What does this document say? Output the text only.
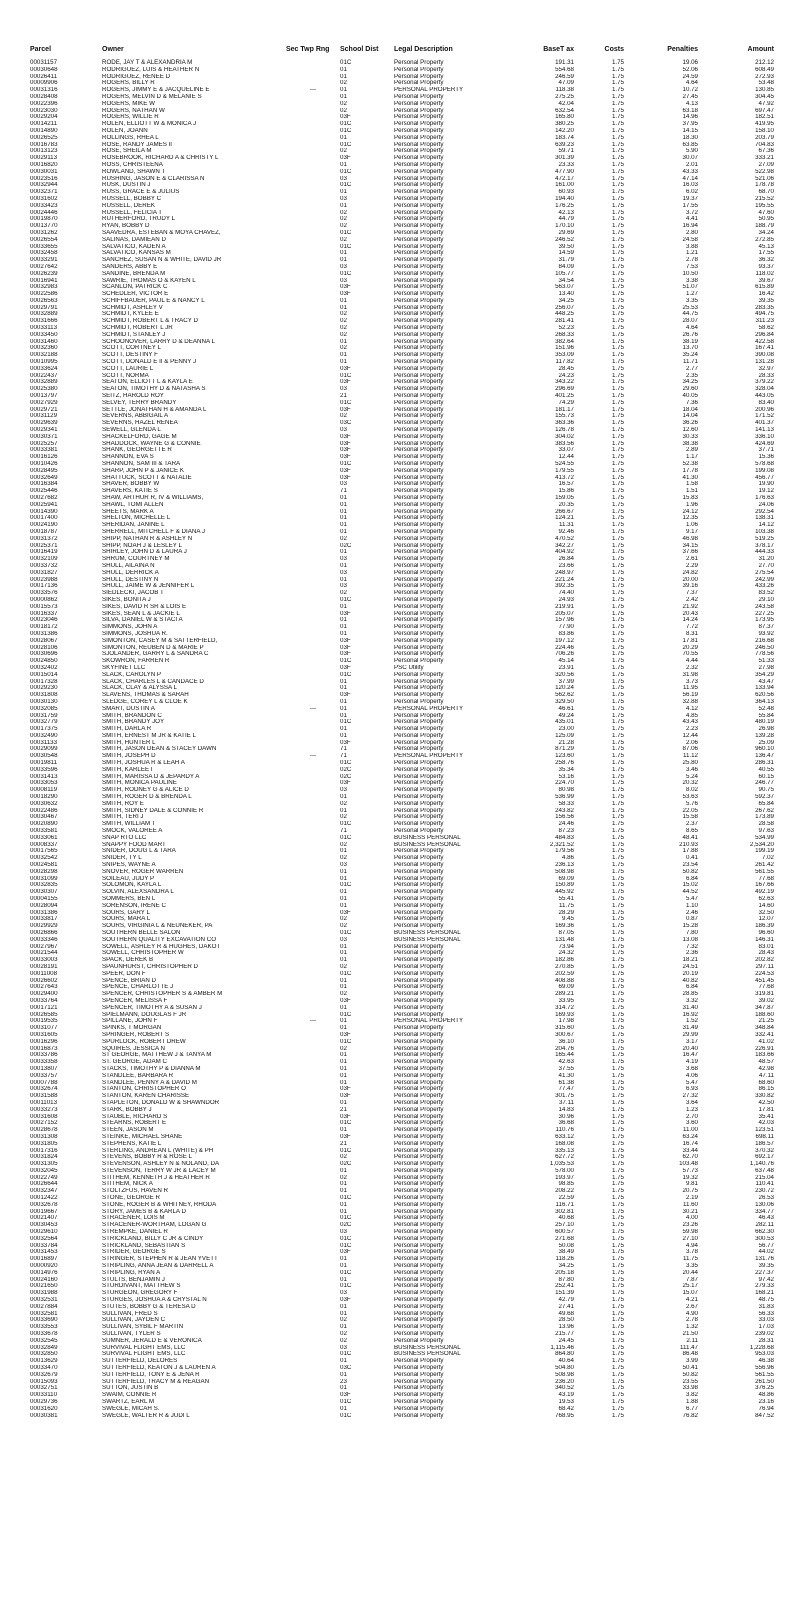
Parcel	Owner	Sec Twp Rng	School Dist	Legal Description	BaseT ax	Costs	Penalties	Amount
00031157	RODE, JAY T & ALEXANDRIA M		01C	Personal Property	191.31	1.75	19.06	212.12
00030648	RODRIGUEZ, LUIS & HEATHER N		01	Personal Property	554.68	1.75	52.06	608.49
00026411	RODRIGUEZ, RENEE D		01	Personal Property	246.59	1.75	24.59	272.93
00009906	ROGERS, BILLY R		02	Personal Property	47.09	1.75	4.64	53.48
00031316	ROGERS, JIMMY E & JACQUELINE E	---	01	PERSONAL PROPERTY	118.38	1.75	10.72	130.85
00028408	ROGERS, MELVIN D & MELANIE S		01	Personal Property	275.25	1.75	27.45	304.45
00022396	ROGERS, MIKE W		02	Personal Property	42.04	1.75	4.13	47.92
00023030	ROGERS, NATHAN W		02	Personal Property	632.54	1.75	63.18	697.47
00029204	ROGERS, WILLIE R		03F	Personal Property	165.80	1.75	14.96	182.51
00014211	ROLEN, ELLIOTT W & MONICA J		01C	Personal Property	380.25	1.75	37.95	419.95
00014890	ROLEN, JOANN		01C	Personal Property	142.20	1.75	14.15	158.10
00026525	ROLLINGS, RHEA L		01	Personal Property	183.74	1.75	18.30	203.79
00016783	ROSE, RANDY JAMES II		01C	Personal Property	639.23	1.75	63.85	704.83
00013123	ROSE, SHEILA M		02	Personal Property	59.71	1.75	5.90	67.36
00029113	ROSEBROOK, RICHARD A & CHRISTY L		03F	Personal Property	301.39	1.75	30.07	333.21
00016820	ROSS, CHRISTEENA		01	Personal Property	23.33	1.75	2.01	27.09
00030031	ROWLAND, SHAWN T		01C	Personal Property	477.90	1.75	43.33	522.98
00023516	RUSHING, JASON E & CLARISSA N		03	Personal Property	472.17	1.75	47.14	521.06
00032944	RUSK, DUSTIN J		01C	Personal Property	161.00	1.75	16.03	178.78
00032371	RUSS, GRACE E & JULIUS		01	Personal Property	60.93	1.75	6.02	68.70
00031602	RUSSELL, BOBBY C		03	Personal Property	194.40	1.75	19.37	215.52
00033423	RUSSELL, DEREK		01	Personal Property	176.25	1.75	17.55	195.55
00024446	RUSSELL, FELICIA T		02	Personal Property	42.13	1.75	3.72	47.60
00019870	RUTHERFORD, TRUDY L		02	Personal Property	44.79	1.75	4.41	50.95
00013770	RYAN, BOBBY D		02	Personal Property	170.10	1.75	16.94	188.79
00031262	SAAVEDRA, ESTEBAN & MOYA CHAVEZ,		01C	Personal Property	29.69	1.75	2.80	34.24
00026554	SALINAS, DAMIEAN D		02	Personal Property	246.52	1.75	24.58	272.85
00033655	SALVATICO, KADEN A		01C	Personal Property	39.50	1.75	3.88	45.13
00032458	SALVATICO, KANSAS M		01	Personal Property	14.59	1.75	1.21	17.55
00033291	SANCHEZ, SUSAN N & WHITE, DAVID JR		01	Personal Property	31.79	1.75	2.78	36.32
00027642	SANDERS, ABBY E		03	Personal Property	84.09	1.75	7.53	93.37
00026239	SANDINE, BRENDA M		01C	Personal Property	105.77	1.75	10.50	118.02
00016941	SAWRIE, THOMAS O & KAYEN L		03	Personal Property	34.54	1.75	3.38	39.67
00032983	SCANLON, PATRICK C		03F	Personal Property	563.07	1.75	51.07	615.89
00022586	SCHEDLER, VICTOR E		03F	Personal Property	13.40	1.75	1.27	16.42
00026563	SCHIFFBAUER, PAUL E & NANCY L		01	Personal Property	34.25	1.75	3.35	39.35
00029791	SCHMIDT, ASHLEY V		01	Personal Property	256.07	1.75	25.53	283.35
00032889	SCHMIDT, KYLEE E		02	Personal Property	448.25	1.75	44.75	494.75
00031666	SCHMIDT, ROBERT L & TRACY D		02	Personal Property	281.41	1.75	28.07	311.23
00033113	SCHMIDT, ROBERT L JR		02	Personal Property	52.23	1.75	4.64	58.62
00033450	SCHMIDT, STANLEY J		02	Personal Property	268.33	1.75	26.76	296.84
00031460	SCHOONOVER, LARRY D & DEANNA L		01	Personal Property	382.64	1.75	38.19	422.58
00032360	SCOTT, CORTNEY L		02	Personal Property	151.96	1.75	13.70	167.41
00032188	SCOTT, DESTINY F		01	Personal Property	353.09	1.75	35.24	390.08
00010995	SCOTT, DONALD E II & PENNY J		01	Personal Property	117.82	1.75	11.71	131.28
00033624	SCOTT, LAURIE L		03F	Personal Property	28.45	1.75	2.77	32.97
00022437	SCOTT, NORMA		01C	Personal Property	24.23	1.75	2.35	28.33
00032889	SEATON, ELLIOTT L & KAYLA E		03F	Personal Property	343.22	1.75	34.25	379.22
00025380	SEATON, TIMOTHY D & NATASHA S		03	Personal Property	296.69	1.75	29.60	328.04
00013797	SEITZ, HAROLD ROY		21	Personal Property	401.25	1.75	40.05	443.05
00027929	SELVEY, TERRY BRANDY		01C	Personal Property	74.29	1.75	7.36	83.40
00029721	SETTLE, JONATHAN H & AMANDA L		03F	Personal Property	181.17	1.75	18.04	200.96
00031129	SEVERNS, ABBIGAIL A		02	Personal Property	155.73	1.75	14.04	171.52
00029639	SEVERNS, HAZEL RENEA		03C	Personal Property	363.36	1.75	36.26	401.37
00029341	SEWELL, GLENDA L		03	Personal Property	126.78	1.75	12.60	141.13
00030371	SHACKELFORD, GAGE M		03F	Personal Property	304.02	1.75	30.33	336.10
00025257	SHADDOCK, WAYNE G & CONNIE		03F	Personal Property	383.56	1.75	38.38	424.69
00033381	SHANK, GEORGETTE R		03F	Personal Property	33.07	1.75	2.89	37.71
00016126	SHANNON, EVA S		03F	Personal Property	12.44	1.75	1.17	15.36
00010426	SHANNON, SAM III & TARA		01C	Personal Property	524.55	1.75	52.38	578.68
00028495	SHARP, JOHN P & JANICE K		03F	Personal Property	179.55	1.75	17.78	199.08
00032649	SHATTUCK, SCOTT & NATALIE		03F	Personal Property	413.72	1.75	41.30	456.77
00016384	SHAVER, BOBBY W		03	Personal Property	16.57	1.75	1.58	19.90
00025446	SHAVERS, KATIE S		71	Personal Property	15.86	1.75	1.51	19.12
00027682	SHAW, ARTHUR R, IV & WILLIAMS,		01	Personal Property	159.05	1.75	15.83	176.63
00025941	SHAWL, TOMI ALLEN		01	Personal Property	20.35	1.75	1.96	24.06
00014390	SHEETS, MARK A		01	Personal Property	266.67	1.75	24.12	292.54
00017400	SHELTON, MICHELLE L		01	Personal Property	124.21	1.75	12.35	138.31
00024190	SHERIDAN, JANINE L		01	Personal Property	11.31	1.75	1.06	14.12
00018787	SHERRELL, MITCHELL F & DIANA J		01	Personal Property	92.46	1.75	9.17	103.38
00031372	SHIPP, NATHAN R & ASHLEY N		02	Personal Property	470.52	1.75	46.98	519.25
00025371	SHIPP, NOAH J & LESLEY L		02C	Personal Property	342.27	1.75	34.15	378.17
00016419	SHIRLEY, JOHN D & LAURA J		01	Personal Property	404.92	1.75	37.66	444.33
00032109	SHRUM, COURTNEY M		03	Personal Property	26.84	1.75	2.61	31.20
00033732	SHULL, AILAINA N		01	Personal Property	23.66	1.75	2.29	27.70
00031827	SHULL, DERRICK A		03	Personal Property	248.97	1.75	24.82	275.54
00023988	SHULL, DESTINY N		01	Personal Property	221.24	1.75	20.00	242.99
00017136	SHULL, JAIME W & JENNIFER L		03	Personal Property	392.35	1.75	39.16	433.26
00033576	SIEDLECKI, JACOB T		02	Personal Property	74.40	1.75	7.37	83.52
00000862	SIKES, BONITA J		01C	Personal Property	24.93	1.75	2.42	29.10
00015573	SIKES, DAVID R SR & LOIS E		01	Personal Property	219.91	1.75	21.92	243.58
00016337	SIKES, SEAN L & JACKIE L		03F	Personal Property	205.07	1.75	20.43	227.25
00023046	SILVA, DANIEL W & STACI A		01	Personal Property	157.96	1.75	14.24	173.95
00018172	SIMMONS, JOHN A		01	Personal Property	77.90	1.75	7.72	87.37
00031386	SIMMONS, JOSHUA R.		01	Personal Property	83.86	1.75	8.31	93.92
00028067	SIMONTON, CASEY M & SATTERFIELD,		03F	Personal Property	197.12	1.75	17.81	216.68
00028106	SIMONTON, REUBEN D & MARIE P		03F	Personal Property	224.46	1.75	20.29	246.50
00030696	SJOLANDER, GARRY L & SANDRA C		03F	Personal Property	706.26	1.75	70.55	778.56
00024850	SKOWRON, FARREN R		01C	Personal Property	45.14	1.75	4.44	51.33
00032402	SKYFINET LLC		03F	PSC Utility	23.91	1.75	2.32	27.98
00015014	SLACK, CAROLYN P		01C	Personal Property	320.56	1.75	31.98	354.29
00017328	SLACK, CHARLES L & CANDACE D		01	Personal Property	37.99	1.75	3.73	43.47
00029230	SLACK, CLAY & ALYSSA L		01	Personal Property	120.24	1.75	11.95	133.94
00031808	SLAVENS, THOMAS & SARAH		03F	Personal Property	562.62	1.75	56.19	620.56
00030130	SLEDGE, COREY L & CLOE K		01	Personal Property	329.50	1.75	32.88	364.13
00032085	SMART, DUSTIN A	---	01	PERSONAL PROPERTY	46.61	1.75	4.12	52.48
00031759	SMITH, BRANDON C		01	Personal Property	49.24	1.75	4.85	55.84
00032779	SMITH, BRANDY JOY		01C	Personal Property	435.01	1.75	43.43	480.19
00017375	SMITH, DARLA R		01	Personal Property	23.00	1.75	2.23	26.98
00032490	SMITH, ERNEST M JR & KATIE L		01	Personal Property	125.09	1.75	12.44	139.28
00031133	SMITH, HUNTER L		03F	Personal Property	21.28	1.75	2.06	25.09
00029099	SMITH, JASON DEAN & STACEY DAWN		71	Personal Property	871.29	1.75	87.06	960.10
00030548	SMITH, JOSEPH D	---	71	PERSONAL PROPERTY	123.60	1.75	11.12	136.47
00019811	SMITH, JOSHUA R & LEAH A		01C	Personal Property	258.76	1.75	25.80	286.31
00033596	SMITH, KARLEE I		02C	Personal Property	35.34	1.75	3.46	40.55
00031413	SMITH, MARISSA D & JEPARDY A		02C	Personal Property	53.16	1.75	5.24	60.15
00033053	SMITH, MONICA PAULINE		03F	Personal Property	224.70	1.75	20.32	246.77
00008119	SMITH, RODNEY G & ALICE D		03	Personal Property	80.98	1.75	8.02	90.75
00018290	SMITH, ROGER D & BRENDA L		01	Personal Property	536.99	1.75	53.63	592.37
00030632	SMITH, ROY E		02	Personal Property	58.33	1.75	5.76	65.84
00022486	SMITH, SIDNEY DALE & CONNIE R		01	Personal Property	243.82	1.75	22.05	267.62
00030467	SMITH, TERI J		02	Personal Property	156.56	1.75	15.58	173.89
00020890	SMITH, WILLIAM T		01C	Personal Property	24.46	1.75	2.37	28.58
00033581	SMOCK, VALOREE A		71	Personal Property	87.23	1.75	8.65	97.63
00033061	SNAP RTO LLC		01C	BUSINESS PERSONAL	484.83	1.75	48.41	534.99
00008337	SNAPPY FOOD MART		02	BUSINESS PERSONAL	2,321.52	1.75	210.93	2,534.20
00017565	SNIDER, DOUG L & TARA		01	Personal Property	179.56	1.75	17.88	199.19
00032542	SNIDER, TY L		02	Personal Property	4.86	1.75	0.41	7.02
00024581	SNIPES, WAYNE A		03	Personal Property	236.13	1.75	23.54	261.42
00028298	SNOVER, ROGER WARREN		01	Personal Property	508.98	1.75	50.82	561.55
00031099	SOILEAU, JUDY P		01	Personal Property	69.09	1.75	6.84	77.68
00032835	SOLOMON, KAYLA L		01C	Personal Property	150.89	1.75	15.02	167.66
00030307	SOLVIN, ALEXSANDRA L		01	Personal Property	445.92	1.75	44.52	492.19
00004155	SOMMERS, BEN L		01	Personal Property	55.41	1.75	5.47	62.63
00028094	SORENSON, IRENE C		01	Personal Property	11.75	1.75	1.10	14.60
00031386	SOURS, GARY L		03F	Personal Property	28.29	1.75	2.46	32.50
00033817	SOURS, MARA L		02	Personal Property	9.45	1.75	0.87	12.07
00029929	SOURS, VIRGINIA L & NEUNEKER, PA		02	Personal Property	169.36	1.75	15.28	186.39
00026866	SOUTHERN BELLE SALON		01C	BUSINESS PERSONAL	87.05	1.75	7.80	96.60
00033346	SOUTHERN QUALITY EXCAVATION CO		03	BUSINESS PERSONAL	131.48	1.75	13.08	146.31
00027967	SOWELL, ASHLEY R & HUGHES, DAKOT		01	Personal Property	73.94	1.75	7.32	83.01
00021544	SOWELL, CHRISTOPHER W		01	Personal Property	24.32	1.75	2.36	28.43
00033003	SPACK, DEREK B		01	Personal Property	182.86	1.75	18.21	202.82
00028191	SPAUNHURST, CHRISTOPHER D		02	Personal Property	270.85	1.75	24.51	297.11
00011008	SPEER, DON F		01C	Personal Property	202.59	1.75	20.19	224.53
00026602	SPENCE, BRIAN D		01	Personal Property	408.88	1.75	40.82	451.45
00027643	SPENCE, CHARLOTTE J		01	Personal Property	69.09	1.75	6.84	77.68
00029400	SPENCER, CHRISTOPHER S & AMBER M		02	Personal Property	289.21	1.75	28.85	319.81
00033764	SPENCER, MELISSA F		03F	Personal Property	33.95	1.75	3.32	39.02
00017121	SPENCER, TIMOTHY A & SUSAN J		01	Personal Property	314.72	1.75	31.40	347.87
00026585	SPIELMANN, DOUGLAS F JR		01C	Personal Property	169.93	1.75	16.92	188.60
00019535	SPILLANE, JOHN F	---	01	PERSONAL PROPERTY	17.98	1.75	1.52	21.25
00031077	SPINKS, T MORGAN		01	Personal Property	315.60	1.75	31.49	348.84
00031605	SPRINGER, ROBERT S		03F	Personal Property	300.67	1.75	29.99	332.41
00016296	SPURLOCK, ROBERT DREW		01C	Personal Property	36.10	1.75	3.17	41.02
00016873	SQUIRES, JESSICA N		02	Personal Property	204.76	1.75	20.40	226.91
00033786	ST GEORGE, MATTHEW J & TANYA M		01	Personal Property	165.44	1.75	16.47	183.66
00033358	ST. GEORGE, ADAM C		01	Personal Property	42.63	1.75	4.19	48.57
00013807	STACKS, TIMOTHY P & DIANNA M		01	Personal Property	37.55	1.75	3.68	42.98
00033757	STANDLEE, BARBARA R		01	Personal Property	41.30	1.75	4.06	47.11
00007788	STANDLEE, PENNY A & DAVID M		01	Personal Property	61.38	1.75	5.47	68.60
00032674	STANTON, CHRISTOPHER O		03F	Personal Property	77.47	1.75	6.93	86.15
00031588	STANTON, KAREN CHARISSE		03F	Personal Property	301.75	1.75	27.32	330.82
00011013	STAPLETON, DONALD W & SHAWNDOR		01	Personal Property	37.11	1.75	3.64	42.50
00033273	STARK, BOBBY J		21	Personal Property	14.83	1.75	1.23	17.81
00031608	STAUBLE, RICHARD S		03F	Personal Property	30.96	1.75	2.70	35.41
00027152	STEARNS, ROBERT E		01C	Personal Property	36.68	1.75	3.60	42.03
00028678	STEEN, JASON M		01	Personal Property	110.76	1.75	11.00	123.51
00031308	STEINKE, MICHAEL SHANE		03F	Personal Property	633.12	1.75	63.24	698.11
00031805	STEPHENS, KATIE L		21	Personal Property	168.08	1.75	16.74	186.57
00017316	STERLING, ANDREAN L (WHITE) & PH		01C	Personal Property	335.13	1.75	33.44	370.32
00031824	STEVENS, BOBBY R & ROSE L		02	Personal Property	627.72	1.75	62.70	692.17
00031305	STEVENSON, ASHLEY N & NOLAND, DA		02C	Personal Property	1,035.53	1.75	103.48	1,140.76
00032045	STEVENSON, TERRY W JR & LACEY M		01	Personal Property	578.00	1.75	57.73	637.48
00022749	STITHEM, KENNETH J & HEATHER R		02	Personal Property	193.97	1.75	19.32	215.04
00026644	STITHEM, NICK A		01	Personal Property	98.85	1.75	9.81	110.41
00032347	STOLTZFUS, HAVEN R		01	Personal Property	208.22	1.75	20.75	230.72
00012422	STONE, GEORGE R		01C	Personal Property	22.59	1.75	2.19	26.53
00032678	STONE, ROGER B & WHITNEY, RHODA		01	Personal Property	116.71	1.75	11.60	130.06
00019667	STORY, JAMES B & KARLA D		01	Personal Property	302.81	1.75	30.21	334.77
00021407	STRACENER, LOIS M		01C	Personal Property	40.68	1.75	4.00	46.43
00030453	STRACENER-WORTHAM, LOGAN G		02C	Personal Property	257.10	1.75	23.26	282.11
00029610	STREMPKE, DANIEL R		03	Personal Property	600.57	1.75	59.98	662.30
00032564	STRICKLAND, BILLY C JR & CINDY		01C	Personal Property	271.68	1.75	27.10	300.53
00033784	STRICKLAND, SEBASTIAN S		01C	Personal Property	50.08	1.75	4.94	56.77
00031453	STRIDER, GEORGE S		03F	Personal Property	38.49	1.75	3.78	44.02
00016897	STRINGER, STEPHEN R & JEAN YVETT		01	Personal Property	118.26	1.75	11.75	131.76
00000920	STRIPLING, ANNA JEAN & DARRELL A		01	Personal Property	34.25	1.75	3.35	39.35
00014976	STRIPLING, RYAN A		01C	Personal Property	205.18	1.75	20.44	227.37
00024160	STULTS, BENJAMIN J		01	Personal Property	87.80	1.75	7.87	97.42
00021650	STURDIVANT, MATTHEW S		01C	Personal Property	252.41	1.75	25.17	279.33
00031988	STURGEON, GREGORY F		03	Personal Property	151.39	1.75	15.07	168.21
00032531	STURGES, JOSHUA A & CRYSTAL N		03F	Personal Property	42.79	1.75	4.21	48.75
00027884	STUTES, BOBBY G & TERESA D		01	Personal Property	27.41	1.75	2.67	31.83
00032581	SULLIVAN, FRED S		01	Personal Property	49.68	1.75	4.90	56.33
00033690	SULLIVAN, JAYDEN C		02	Personal Property	28.50	1.75	2.78	33.03
00033553	SULLIVAN, SYBIL F MARTIN		01	Personal Property	13.96	1.75	1.32	17.03
00033678	SULLIVAN, TYLER S		02	Personal Property	215.77	1.75	21.50	239.02
00032545	SUMNER, JERALD E & VERONICA		02	Personal Property	24.45	1.75	2.11	28.31
00032849	SURVIVAL FLIGHT EMS, LLC		03	BUSINESS PERSONAL	1,115.46	1.75	111.47	1,228.68
00032850	SURVIVAL FLIGHT EMS, LLC		01C	BUSINESS PERSONAL	864.80	1.75	86.48	953.03
00013629	SUTTERFIELD, DELORES		01	Personal Property	40.64	1.75	3.99	46.38
00033470	SUTTERFIELD, KEATON J & LAUREN A		03C	Personal Property	504.80	1.75	50.41	556.96
00032679	SUTTERFIELD, TONY E & JENA R		01	Personal Property	508.98	1.75	50.82	561.55
00015093	SUTTERFIELD, TRACY M & REAGAN		23	Personal Property	236.20	1.75	23.55	261.50
00032751	SUTTON, JUSTIN B		01	Personal Property	340.52	1.75	33.98	376.25
00033110	SWAIM, CONNIE R		03F	Personal Property	43.19	1.75	3.82	48.86
00029736	SWARTZ, EARL M		01C	Personal Property	19.53	1.75	1.88	23.16
00031620	SWEGLE, MICAH S.		01	Personal Property	68.42	1.75	6.77	76.94
00030381	SWEGLE, WALTER R & JUDI L		01C	Personal Property	768.95	1.75	76.82	847.52
